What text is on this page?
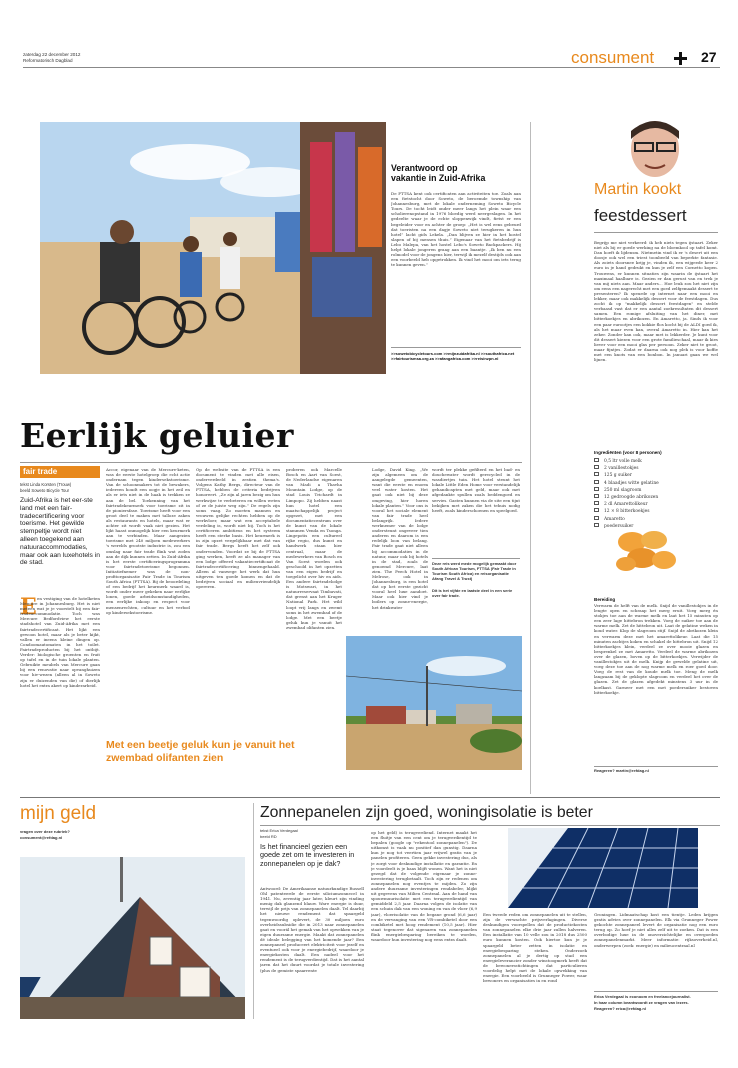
zaterdag 22 december 2012
Reformatorisch Dagblad	consument	27
Verantwoord op vakantie in Zuid-Afrika
De FTTSA kent ook certificaten aan activiteiten toe. Zoals aan een fietstocht door Soweto, de beroemde township van Johannesburg, met de lokale onderneming Soweto Bicycle Tours. De tocht leidt onder meer langs het plein waar een scholierenopstand in 1976 bloedig werd neergeslagen. In het gedeelte waar je de echte sloppenwijk vindt, fietst er een begeleider voor en achter de groep: „Het is wel eens gebeurd dat toeristen na een dagje Soweto niet terugkeren in hun hotel” lacht gids Lekela. „Dan blijven ze hier in het hostel slapen of bij mensen thuis.” Eigenaar van het fietsbedrijf is Lebo Malepa, van het hostel Lebo's Soweto Backpackers. Hij helpt lokale jongeren graag aan een baantje. „Ik ben nu een rolmodel voor de jongens hier, terwijl ik mezelf destijds ook aan een voorbeeld heb opgetrokken. Ik vind het mooi om iets terug te kunnen geven.”
>>sowetobicycletours.com >>mijnzuidafrika.nl >>southafrica.net >>fairtourismsa.org.za >>afangafrica.com >>reisinzpn.nl
Eerlijk geluier
fair trade
tekst Linda Korsten (Trouw)
beeld Soweto Bicycle Tour
Zuid-Afrika is het eer-ste land met een fair-tradecertificering voor toerisme. Het gewilde stempeltje wordt niet alleen toegekend aan natuuraccommodaties, maar ook aan luxehotels in de stad.
E en vestiging van de hotelketen Mercure in Johannesburg. Het is niet meteen wat je je voorstelt bij een fair-tradeaccommodatie. Toch was Mercure Bedfordview het eerste stadshotel van Zuid-Afrika met een fairtradecertificaat. Het lijkt een gewoon hotel, maar als je beter kijkt, vallen er ineens kleine dingen op. Condoomautomaten in het toilet. Fairtradeproducten bij het ontbijt. Verder: biologische groenten en fruit op tafel en in de tuin lokale planten. Gebruikte meubels van Mercure gaan bij een renovatie naar opvanghuizen voor hiv-wezen (alleen al in Soweto zijn er duizenden van die) of dierlijk hotel het extra akert op kinderarbeid.
Accor, eigenaar van de Mercure-keten, was de eerste hotelgroep die echt actie ondernam tegen kindersekstoerisme. Van de schoonmakers tot de bewakers, iedereen houdt een oogje in het zeil en als er iets niet in de haak is trekken ze aan de bel. Toekenning van het fairtradekeurmerk voor toerisme zit in de pioniersfase. Toerisme heeft voor een groot deel te maken met talloze zaken als restaurants en hotels, maar wat er achter zit wordt vaak niet gezien. Het lijkt haast onmogelijk hier een keurmerk aan te verbinden. Maar aangezien toerisme met 240 miljoen medewerkers 's werelds grootste industrie is, zou een omslag naar fair trade flink wat zoden aan de dijk kunnen zetten. In Zuid-Afrika is het eerste certificeringsprogramma voor fairtradetoerisme begonnen. Initiatiefnemer was de non-profitorganisatie Fair Trade in Tourism South Africa (FTTSA). Bij de beoordeling of een bedrijf het keurmerk waard is, wordt onder meer gekeken naar eerlijke lonen, goede arbeidsomstandigheden, een eerlijke inkoop en respect voor mensenrechten, cultuur en het verbod op kindersekstoerisme.
Op de website van de FTTSA is een document te vinden met alle eisen, onderverdeeld in zestien thema's. Volgens Kathy Bergs, directeur van de FTTSA, hebben de criteria bedrijven honoreert. „Ze zijn al jaren bezig om hun werkwijze te verbeteren en willen weten of ze de juiste weg zijn.” De regels zijn soms vaag. Zo moeten mannen en vrouwen gelijke rechten hebben op de werkvloer, maar wat een acceptabele verdeling is, wordt niet bij. Toch is het certificeren ambitieus en het systeem heeft een sterke basis. Het keurmerk is in zijn opzet vergelijkbaar met dat van fair trade. Bergs heeft het zelf ook ondervonden. Voordat ze bij de FTTSA ging werken, heeft ze als manager van een lodge offeerd vakantiecertificaat de fairtradecertificering binnengehaald. Alleen al vanwege het werk dat hun uitgeven ten goede komen en dat de bedrijven sociaal en milieuvriendelijk opereren.
proberen ook Marcelle Bosch en Aart van Soest, de Nederlandse eigenaren van Madi a Thavha Mountain Lodge, op de stad Louis Trichardt in Limpopo. Zij hebben naast hun hotel een maatschappelijk project opgezet, met een documentatiecentrum over de kunst van de lokale stammen Venda en Tsonga. Lingepotis een cultureel rijke regio, dus kunst en handwerk staan hier centraal, maar de medewerkers van Bosch en Van Soest worden ook geschoold in het opzetten van een eigen bedrijf en toegelicht over hiv en aids. Een andere fairtradelodge is Motswari, in het natuurreservaat Timbavati, dat grenst aan het Kruger National Park. Het wild loopt vrij langs en zwemt soms in het zwembad of de lodge. Met een beetje geluk kun je vanuit het zwembad olifanten zien.
Lodge, David King. „We zijn algemeen om de aangelegde gemeenten, want die eerste en enorm veel water kosten. Het gaat ook niet bij deze omgeving, hier horen lokale planten.” Voor ons is vooral het sociale element van fair trade heel belangrijk. Iedere werknemer van de lodge ondersteunt ongeveer tien anderen en daarom is een redelijk loon van belang. Fair trade gaat niet alleen bij accommodaties in de natuur, maar ook bij hotels in de stad, zoals de genoemd Mercure, laat zien. The Peech Hotel in Melrose, ook in Johannesburg, is een hotel dat op het eerste gezicht vooral heel luxe aandoet. Maar ook hier vind je boilers op zonne-energie, het drinkwater
wordt ter plekke gefilterd en het bad- en douchewater wordt gerecycled in de wasdiertjes tuin. Het hotel steunt het lokale Little Eden Home voor verstandelijk gehandicapten met geld, maar ook met afgedankte spullen zoals beddengoed en servies. Gasten kunnen via de site een tijnt bekijken met zaken die het tehuis nodig heeft, zoals kinderschoenen en speelgoed.
Deze reis werd mede mogelijk gemaakt door South African Tourism, FTTSA (Fair Trade in Tourism South Africa) en reisorganisatie Afang Travel & Trust)
Dit is het vijfde en laatste deel in een serie over fair trade.
Met een beetje geluk kun je vanuit het zwembad olifanten zien
Martin kookt
feestdessert
Begrijp me niet verkeerd: ik heb niets tegen ijstaart. Zeker niet als bij er goede werking na de bloemkool op tafel komt. Dan hoeft ik lijdensm. Nietmetin vind ik er 's desert uit een doosje ook wel een triest toonbeeld van beperkte fantasie. Als zoiets doorsnee krijg je, vinden ik, een wijgeede keer 2 euro in je hand gedrukt en kun je zelf een Cornetto kopen. Trouwens, er kunnen situaties zijn waarin de ijstaart het maximaal haalbare is. Gezien er dan gerust van en trek je van mij niets aan. Maar anders... Hoe leuk zou het niet zijn om eens een nagerecht met een goed zelfgemaakt dessert te presenteren? Ik speurde op internet naar een mooi en lekker, maar ook makkelijk dessert voor de feestdagen. Dus zocht ik op "makkelijk dessert feestdagen" en stelde verbaasd vast dat er een aantal zoekresultaten dit dessert samen. Een romige afsluiting van het diner, met bitterkoekjes en abrikozen. En Amaretto, ja. Sinds ik voor een paar eurootjes een kokkie flos kocht bij de ALDI goed ik, als het maar even kan, overal Amaretto in. Hier kan het zeker. Zonder kan ook, maar met is lekkerder. Je kunt voor dit dessert kiezen voor een grote familieschaal, maar ik kies liever voor een mooi glas per persoon. Zeker niet te groot, maar fijntjes. Zodat er daarna ook nog plek is voor koffie met een knots van een bonbon. In januari gaan we wel lijnen.
Ingrediënten (voor 8 personen)
0,5 ltr volle melk
2 vanillestokjes
125 g suiker
4 blaadjes witte gelatine
250 ml slagroom
12 gedroogde abrikozen
2 dl Amarettolikeur
12 × 8 bitterkoekjes
Amaretto
poedersuiker
Bereiding
Verwarm de helft van de melk. Snijd de vanillestokjes in de lengte open en schraap het merg eruit. Voeg merg én stokjes toe aan de warme melk en laat het 15 minuten op een zeer lage hittebron trekken. Voeg de suiker toe aan de warme melk. Zet de hittebron uit. Laat de gelatine weken in koud water. Klop de slagroom stijf. Snijd de abrikozen klein en verwarm deze met het amarettolikeur. Laat die 15 minuten zachtjes koken en schakel de hittebron uit. Snijd 12 bitterkoekjes klein, verdeel ze over mooie glazen en besprenkel ze met Amaretto. Verdeel de warme abrikozen over de glazen, boven op de bitterkoekjes. Verwijder de vanillestokjes uit de melk. Knijp de gewelde gelatine uit, voeg deze toe aan de nog warme melk en roer goed door. Voeg de rest van de koude melk toe. Meng de melk langzaam bij de geklopte slagroom en verdeel het over de glazen. Zet de glazen afgedekt minstens 3 uur in de koelkast. Garneer met een met poedersuiker bestoven bitterkoekje.
Reageren? martin@refdag.nl
mijn geld
vragen over deze rubriek?
consument@refdag.nl
Zonnepanelen zijn goed, woningisolatie is beter
tekst Erica Verdegaal
beeld RD
Is het financieel gezien een goede zet om te investeren in zonnepanelen op je dak?
Antwoord: De Amerikaanse natuurkundige Russell Ohl patenteerde de eerste siliciumzonnecel in 1941. Nu, zeventig jaar later, kleurt zijn vinding menig dak glanzend blauw. Ware energie is duur, terwijl de prijs van zonnepanelen daalt. Tel daarbij het nieuwe rendement dat spaargeld tegenwoordig oplevert, de 30 miljoen euro overheidssubsidie die in 2013 naar zonnepanelen gaat en voorál het gemak van het opwekken van je eigen duurzame energie. Maakt dat zonnepanelen dé ideale belegging van het komende jaar? Een zonnepaneel produceert elektriciteit voor jezelf en eventueel ook voor je energiebedrijf, waardoor je energiekosten daalt. Een nadeel voor het rendement is de terugverdientijd. Dat is het aantal jaren dat het duurt voordat je totale investering (plus de gemiste spaarrente
op het geld) is terugverdiend. Internet maakt het een fluitje van een cent om je terugverdientijd te bepalen (google op "rekentool zonnepanelen"). De uitkomst is vaak nu positief dan gunstig. Daarna kun je nog tot veertien jaar vrijwel gratis van je panelen profiteren. Geen gekke investering dus, als je zorgt voor deskundige installatie en garantie. En je voordeelt is je baas blijft wonen. Want het is niet gezegd dat de volgende eigenaar je zonne-investering terugbetaalt. Toch zijn er redenen om zonnepanelen nog eventjes te mijden. Zo zijn andere duurzame investeringen rendabeler, blijkt uit gegevens van Milieu Centraal. Aan de hand van spouwmuurisolatie met een terugverdientijd van gemiddeld 2,5 jaar. Daarna volgen de isolatie van een schuin dak van een woning en van de vloer (6,9 jaar), vloerisolatie van de begane grond (6,6 jaar) en de vervanging van een VR-combiketel door een combiketel met hoog rendement (10,5 jaar). Hier staat tegenover dat sigenaren van zonnepanelen flink energiebesparing bereiken te worden, waardoor hun investering nog eens extra daalt.
Een tweede reden om zonnepanelen uit te stellen, zijn de verwachte prijsverlagingen. Diverse deskundigen voorspellen dat de productiekosten van zonnepanelen elke drie jaar zullen halveren. Een installatie van 10 velle zou in 2018 dus 2500 euro kunnen kosten. Ook hiertoe kun je je spaargeld beter zetten in isolatie en energiebesparing steken. Onderzoek zonnepanelen al je dertig op stad een energieleverancier zonder winstoogmerk heeft dat de bewonersstichtingen dat particulieren voordelig helpt met de lokale opwekking van energie. Een voorbeeld is Grunneger Power, waar bewoners en organisaties in en rond
Groningen. Lidmaatschap kost een tientje. Leden krijgen gratis advies over zonnepanelen. Elk via Grunneger Power gekochte zonnepaneel levert de organisatie nog een euro terug op. Zo hoef je niet alles zelf uit te zoeken. Dat is een overbodige luxe in de onoverzichtelijke en overgoeden zonnepanelenmarkt. Meer informatie: rijksoverheid.nl, onderwerpen (zoek: energie) en milieucentraal.nl
Erica Verdegaal is econoom en freelancejournalist.
In haar column beantwoordt ze vragen van lezers.
Reageren? erica@refdag.nl
